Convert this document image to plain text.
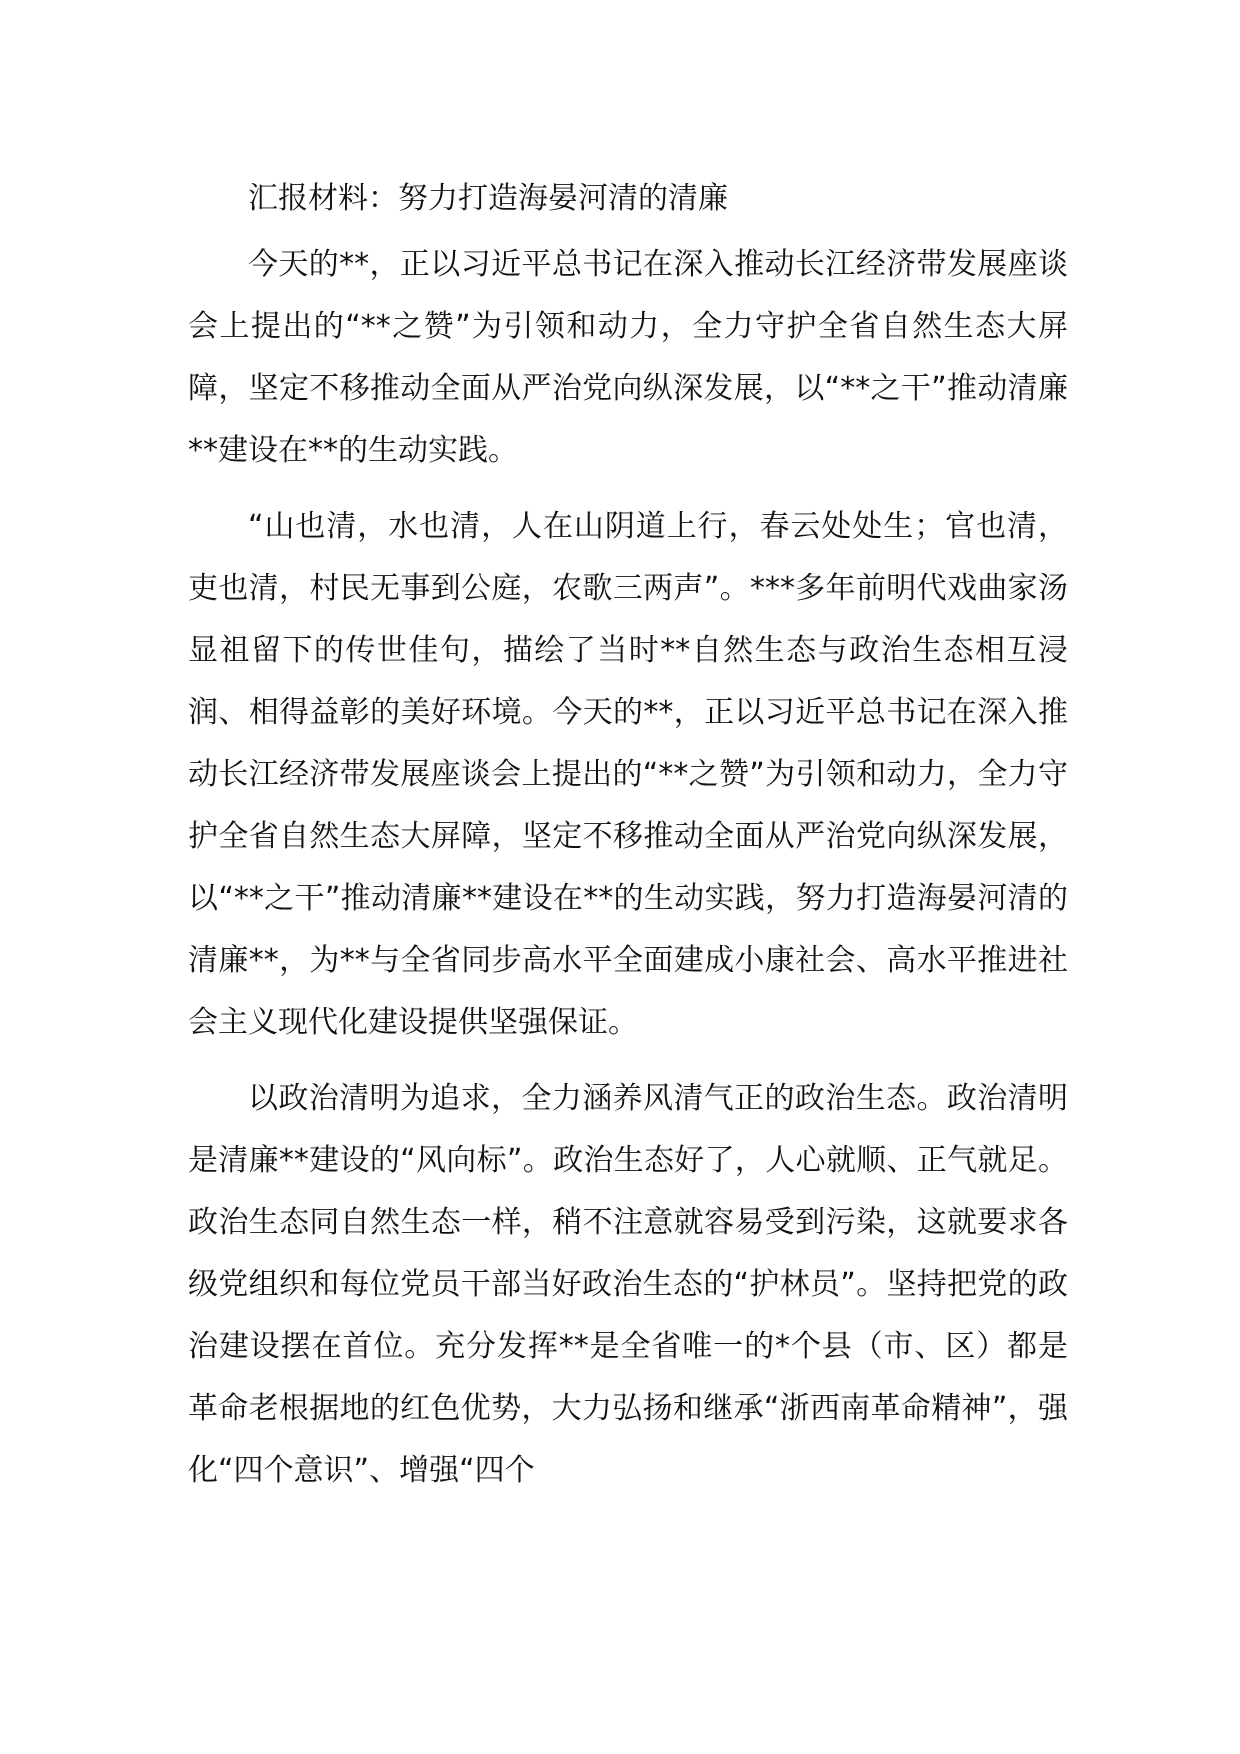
汇报材料：努力打造海晏河清的清廉

今天的**，正以习近平总书记在深入推动长江经济带发展座谈会上提出的“**之赞”为引领和动力，全力守护全省自然生态大屏障，坚定不移推动全面从严治党向纵深发展，以“**之干”推动清廉**建设在**的生动实践。

“山也清，水也清，人在山阴道上行，春云处处生；官也清，吏也清，村民无事到公庭，农歌三两声”。***多年前明代戏曲家汤显祖留下的传世佳句，描绘了当时**自然生态与政治生态相互浸润、相得益彰的美好环境。今天的**，正以习近平总书记在深入推动长江经济带发展座谈会上提出的“**之赞”为引领和动力，全力守护全省自然生态大屏障，坚定不移推动全面从严治党向纵深发展，以“**之干”推动清廉**建设在**的生动实践，努力打造海晏河清的清廉**，为**与全省同步高水平全面建成小康社会、高水平推进社会主义现代化建设提供坚强保证。

以政治清明为追求，全力涵养风清气正的政治生态。政治清明是清廉**建设的“风向标”。政治生态好了，人心就顺、正气就足。政治生态同自然生态一样，稍不注意就容易受到污染，这就要求各级党组织和每位党员干部当好政治生态的“护林员”。坚持把党的政治建设摆在首位。充分发挥**是全省唯一的*个县（市、区）都是革命老根据地的红色优势，大力弘扬和继承“浙西南革命精神”，强化“四个意识”、增强“四个
